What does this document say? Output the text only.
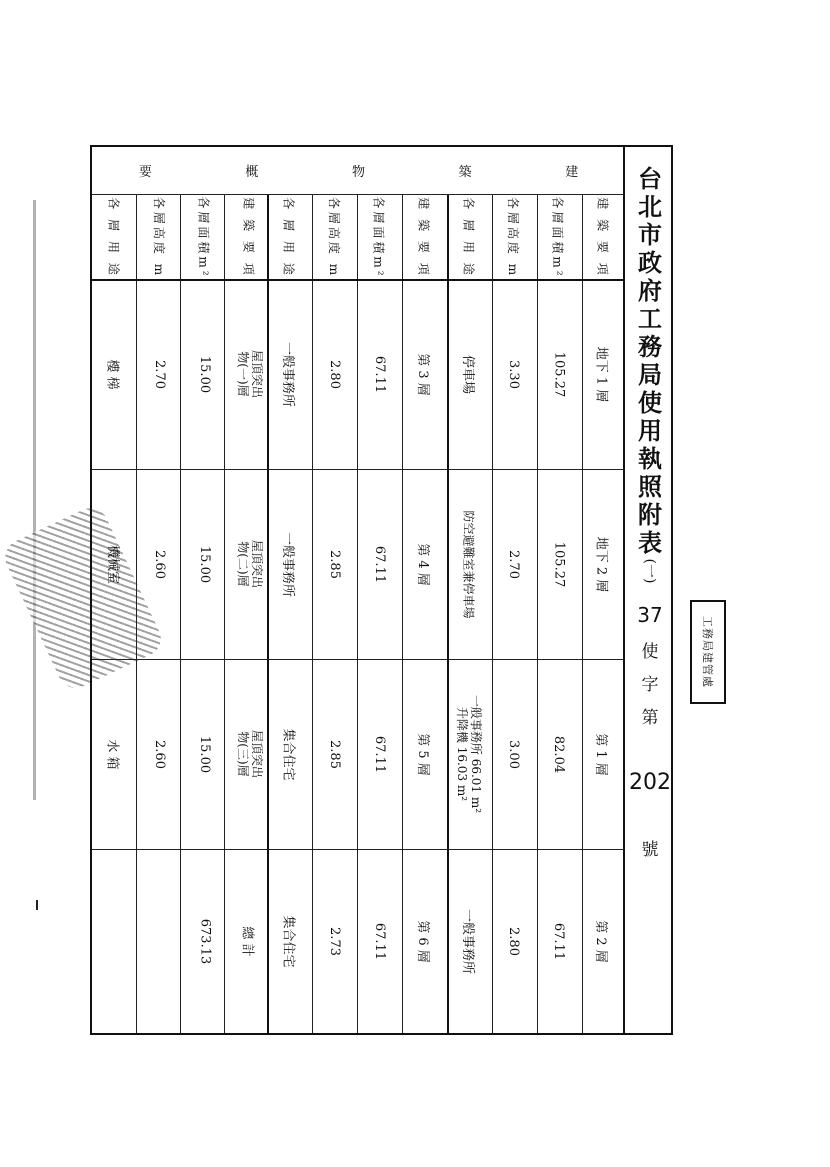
建
築
物
概
要
建 築 要 項
各層面積m²
各層高度 m
各 層 用 途
地下 1 層
105.27
3.30
停車場
地下 2 層
105.27
2.70
防空避難室兼停車場
第 1 層
82.04
3.00
一般事務所 66.01 m²
升降機 16.03 m²
第 2 層
67.11
2.80
一般事務所
建 築 要 項
各層面積m²
各層高度 m
各 層 用 途
第 3 層
67.11
2.80
一般事務所
第 4 層
67.11
2.85
一般事務所
第 5 層
67.11
2.85
集合住宅
第 6 層
67.11
2.73
集合住宅
建 築 要 項
各層面積m²
各層高度 m
各 層 用 途
屋頂突出
物(一)層
15.00
2.70
樓 梯
屋頂突出
物(二)層
15.00
2.60
機械室
屋頂突出
物(三)層
15.00
2.60
水 箱
總 計
673.13
台
北
市
政
府
工
務
局
使
用
執
照
附
表
(一)
37
使
字
第
202
號
工務局建管處
